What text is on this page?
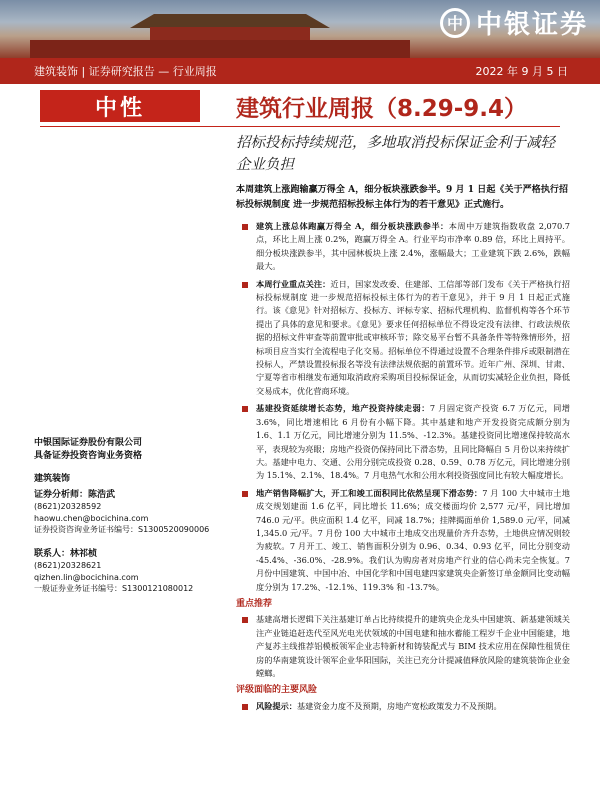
中 中银证券
建筑装饰 | 证券研究报告 — 行业周报	2022 年 9 月 5 日
中性	建筑行业周报（8.29-9.4）
招标投标持续规范，多地取消投标保证金利于减轻企业负担
本周建筑上涨跑输赢万得全 A，细分板块涨跌参半。9 月 1 日起《关于严格执行招标投标规制度 进一步规范招标投标主体行为的若干意见》正式施行。
建筑上涨总体跑赢万得全 A，细分板块涨跌参半：本周中万建筑指数收盘 2,070.7 点，环比上周上涨 0.2%，跑赢万得全 A。行业平均市净率 0.89 倍，环比上周持平。细分板块涨跌参半，其中园林板块上涨 2.4%，涨幅最大；工业建筑下跌 2.6%，跌幅最大。
本周行业重点关注：近日，国家发改委、住建部、工信部等部门发布《关于严格执行招标投标规制度 进一步规范招标投标主体行为的若干意见》，并于 9 月 1 日起正式施行。该《意见》针对招标方、投标方、评标专家、招标代理机构、监督机构等各个环节提出了具体的意见和要求。《意见》要求任何招标单位不得设定没有法律、行政法规依据的招标文件审查等前置审批或审核环节；除交易平台暂不具备条件等特殊情形外，招标项目应当实行全流程电子化交易。招标单位不得通过设置不合理条件排斥或限制潜在投标人，严禁设置投标报名等没有法律法规依据的前置环节。近年广州、深圳、甘肃、宁夏等省市相继发布通知取消政府采购项目投标保证金，从而切实减轻企业负担，降低交易成本，优化营商环境。
基建投资延续增长态势，地产投资持续走弱：7 月固定资产投资 6.7 万亿元，同增 3.6%，同比增速相比 6 月份有小幅下降。其中基建和地产开发投资完成额分别为 1.6、1.1 万亿元，同比增速分别为 11.5%、-12.3%。基建投资同比增速保持较高水平，表现较为亮眼；房地产投资仍保持同比下滑态势，且同比降幅自 5 月份以来持续扩大。基建中电力、交通、公用分别完成投资 0.28、0.59、0.78 万亿元，同比增速分别为 15.1%、2.1%、18.4%。7 月电热气水和公用水利投资强度同比有较大幅度增长。
地产销售降幅扩大，开工和竣工面积同比依然呈现下滑态势：7 月 100 大中城市土地成交规划建面 1.6 亿平，同比增长 11.6%；成交楼面均价 2,577 元/平，同比增加 746.0 元/平。供应面积 1.4 亿平，同减 18.7%；挂牌揭面单价 1,589.0 元/平，同减 1,345.0 元/平。7 月份 100 大中城市土地成交出现量价齐升态势，土地供应情况则较为疲软。7 月开工、竣工、销售面积分别为 0.96、0.34、0.93 亿平，同比分别变动 -45.4%、-36.0%、-28.9%。我们认为购房者对房地产行业的信心尚未完全恢复。7 月份中国建筑、中国中冶、中国化学和中国电建四家建筑央企新签订单金额同比变动幅度分别为 17.2%、-12.1%、119.3% 和 -13.7%。
重点推荐
基建高增长逻辑下关注基建订单占比持续提升的建筑央企龙头中国建筑、新基建领域关注产业链追赶迭代至风光电光伏领域的中国电建和抽水蓄能工程岁千企业中国能建，地产复苏主线推荐铝模板领军企业志特新材和铸装配式与 BIM 技术应用在保障性租赁住房的华南建筑设计领军企业华阳国际，关注已充分计提减值释放风险的建筑装饰企业金螳螂。
评级面临的主要风险
风险提示：基建资金力度不及预期，房地产宽松政策发力不及预期。
中银国际证券股份有限公司
具备证券投资咨询业务资格
建筑装饰
证券分析师：陈浩武
(8621)20328592
haowu.chen@bocichina.com
证券投资咨询业务证书编号：S1300520090006
联系人：林祁桢
(8621)20328621
qizhen.lin@bocichina.com
一般证券业务证书编号：S1300121080012
